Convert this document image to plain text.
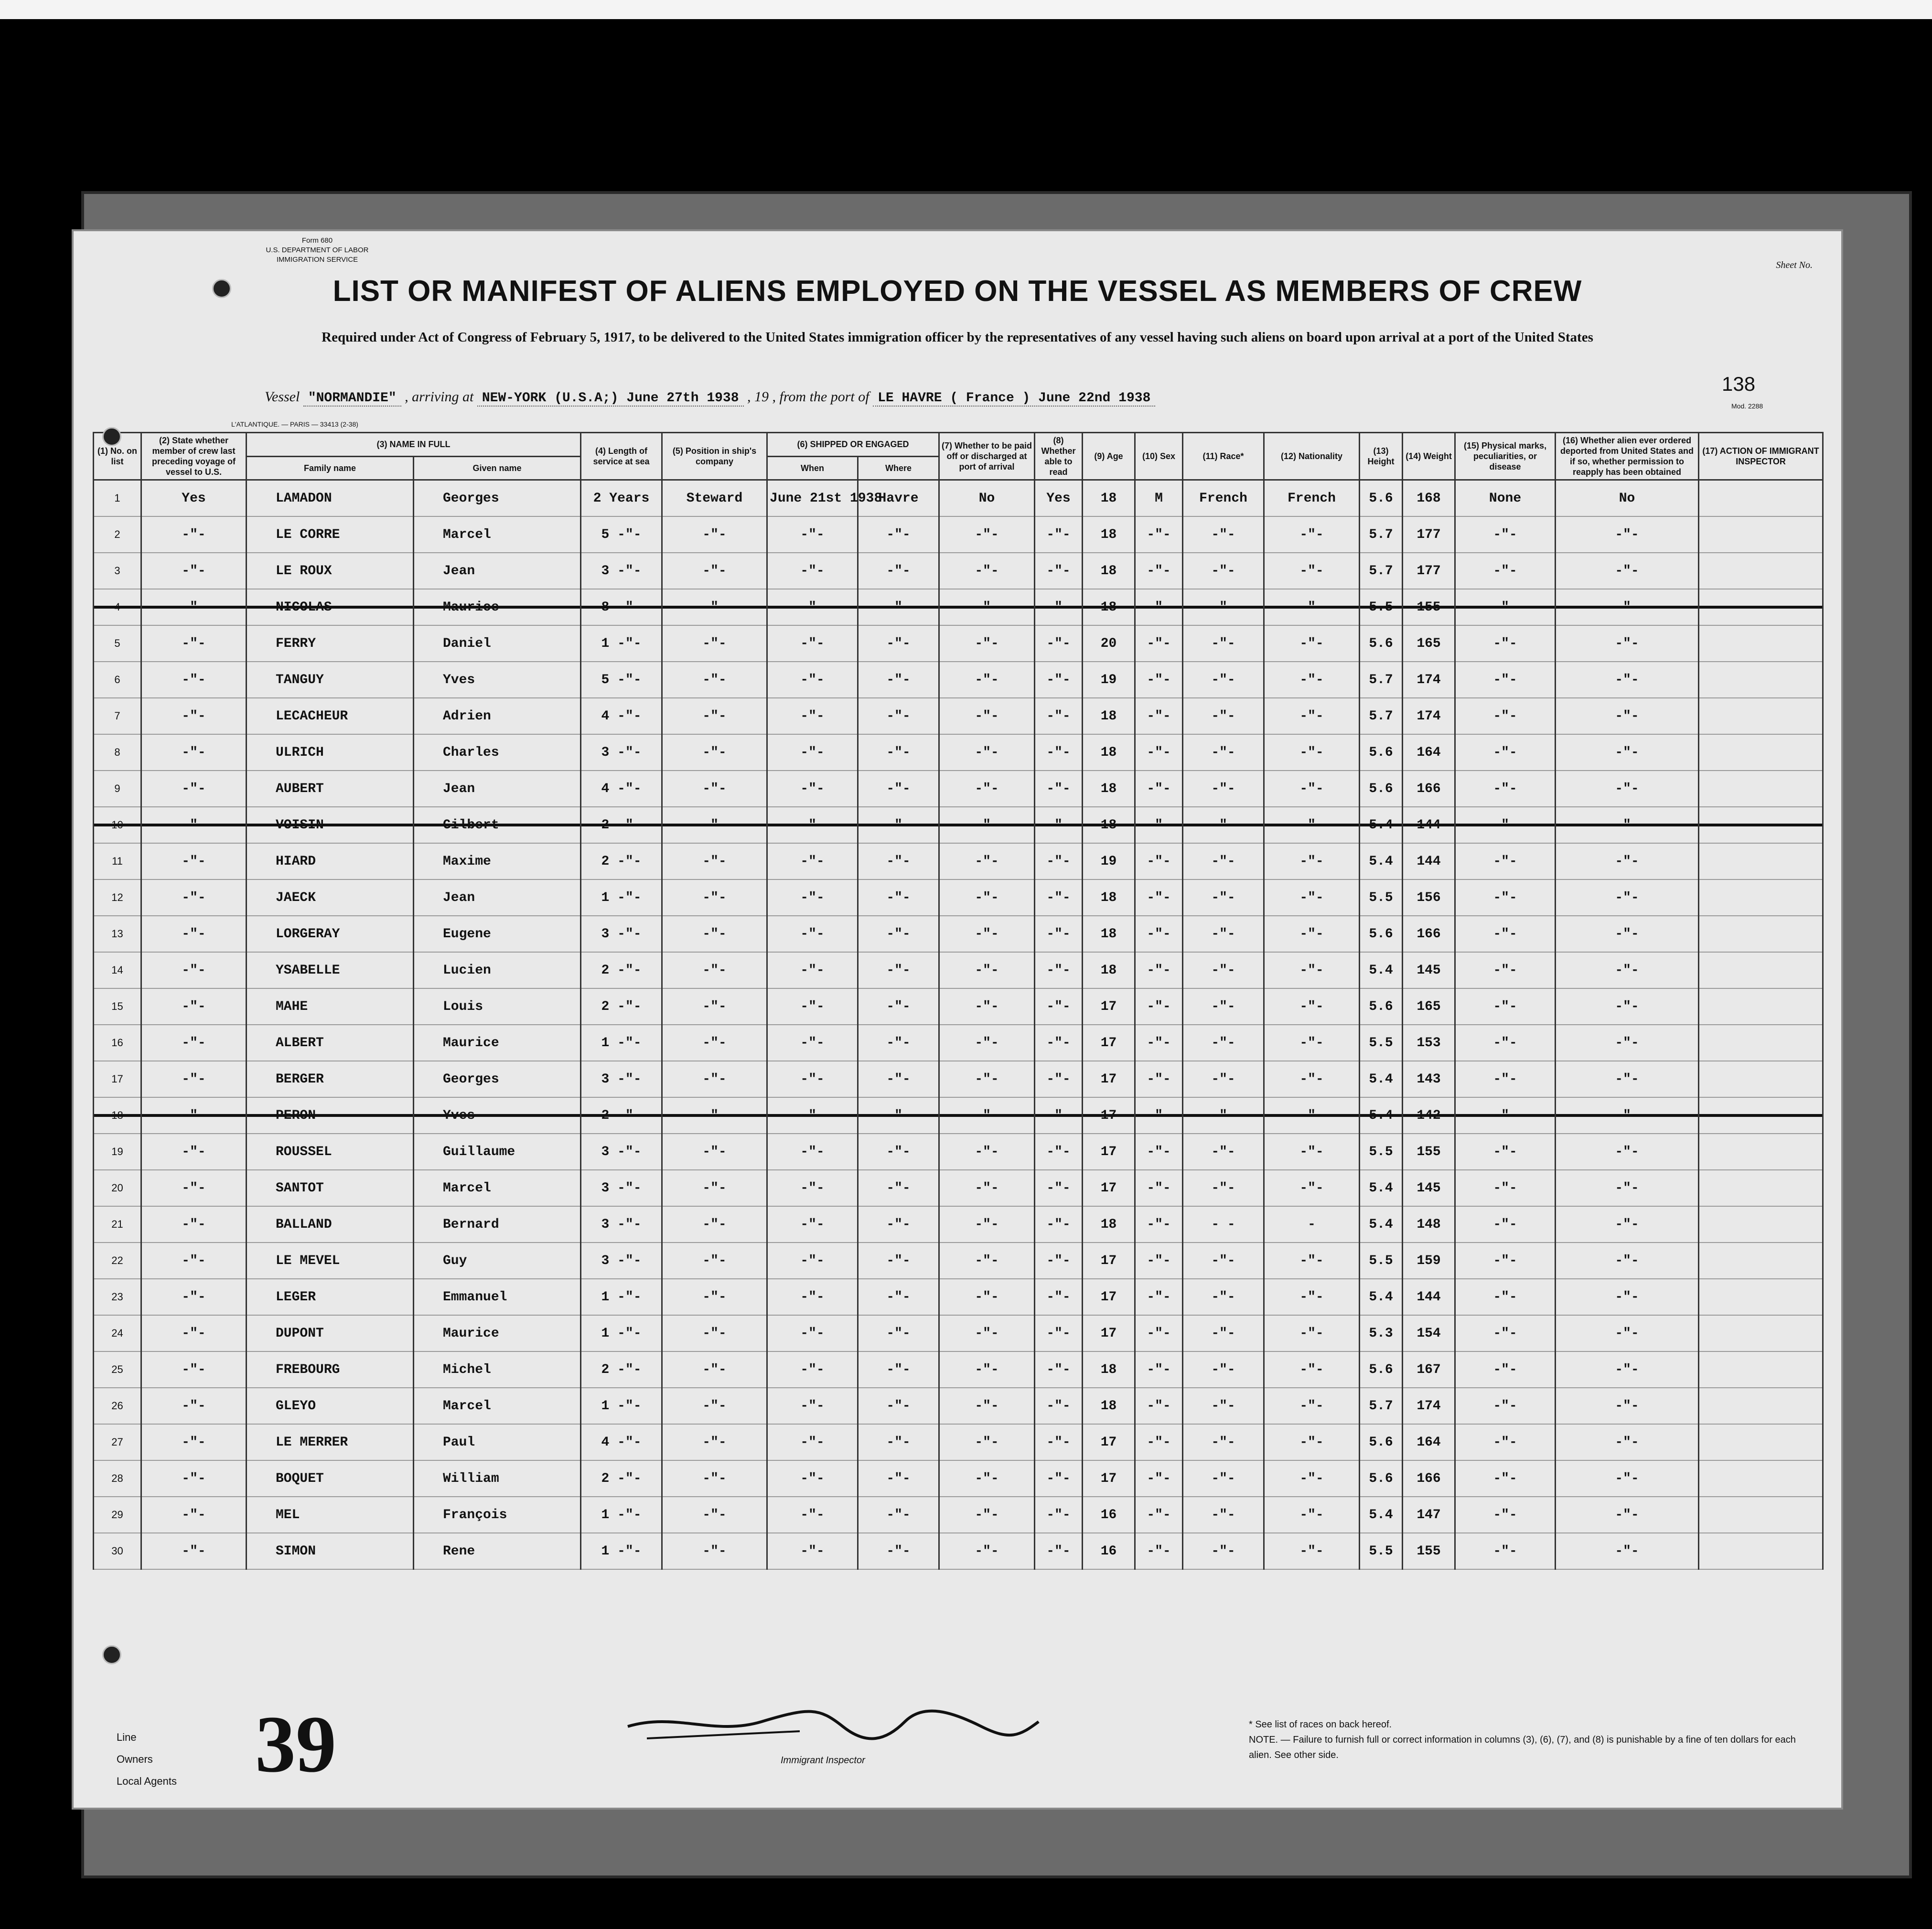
Form 680
U.S. DEPARTMENT OF LABOR
IMMIGRATION SERVICE
Sheet No.
LIST OR MANIFEST OF ALIENS EMPLOYED ON THE VESSEL AS MEMBERS OF CREW
Required under Act of Congress of February 5, 1917, to be delivered to the United States immigration officer by the representatives of any vessel having such aliens on board upon arrival at a port of the United States
Vessel "NORMANDIE" , arriving at NEW-YORK (U.S.A;) June 27th 1938 , 19 , from the port of LE HAVRE ( France ) June 22nd 1938
138
Mod. 2288
L'ATLANTIQUE. — PARIS — 33413 (2-38)
(1) No. on list	(2) State whether member of crew last preceding voyage of vessel to U.S.	(3) NAME IN FULL		(4) Length of service at sea	(5) Position in ship's company	(6) SHIPPED OR ENGAGED		(7) Whether to be paid off or discharged at port of arrival	(8) Whether able to read	(9) Age	(10) Sex	(11) Race*	(12) Nationality	(13) Height	(14) Weight	(15) Physical marks, peculiarities, or disease	(16) Whether alien ever ordered deported from United States and if so, whether permission to reapply has been obtained	(17) ACTION OF IMMIGRANT INSPECTOR
		Family name	Given name			When	Where											
1	Yes	LAMADON	Georges	2 Years	Steward	June 21st 1938	Havre	No	Yes	18	M	French	French	5.6	168	None	No	
2	-"-	LE CORRE	Marcel	5 -"-	-"-	-"-	-"-	-"-	-"-	18	-"-	-"-	-"-	5.7	177	-"-	-"-	
3	-"-	LE ROUX	Jean	3 -"-	-"-	-"-	-"-	-"-	-"-	18	-"-	-"-	-"-	5.7	177	-"-	-"-	
4	-"-	NICOLAS	Maurice	8 -"-	-"-	-"-	-"-	-"-	-"-	18	-"-	-"-	-"-	5.5	155	-"-	-"-	
5	-"-	FERRY	Daniel	1 -"-	-"-	-"-	-"-	-"-	-"-	20	-"-	-"-	-"-	5.6	165	-"-	-"-	
6	-"-	TANGUY	Yves	5 -"-	-"-	-"-	-"-	-"-	-"-	19	-"-	-"-	-"-	5.7	174	-"-	-"-	
7	-"-	LECACHEUR	Adrien	4 -"-	-"-	-"-	-"-	-"-	-"-	18	-"-	-"-	-"-	5.7	174	-"-	-"-	
8	-"-	ULRICH	Charles	3 -"-	-"-	-"-	-"-	-"-	-"-	18	-"-	-"-	-"-	5.6	164	-"-	-"-	
9	-"-	AUBERT	Jean	4 -"-	-"-	-"-	-"-	-"-	-"-	18	-"-	-"-	-"-	5.6	166	-"-	-"-	
10	-"-	VOISIN	Gilbert	2 -"-	-"-	-"-	-"-	-"-	-"-	18	-"-	-"-	-"-	5.4	144	-"-	-"-	
11	-"-	HIARD	Maxime	2 -"-	-"-	-"-	-"-	-"-	-"-	19	-"-	-"-	-"-	5.4	144	-"-	-"-	
12	-"-	JAECK	Jean	1 -"-	-"-	-"-	-"-	-"-	-"-	18	-"-	-"-	-"-	5.5	156	-"-	-"-	
13	-"-	LORGERAY	Eugene	3 -"-	-"-	-"-	-"-	-"-	-"-	18	-"-	-"-	-"-	5.6	166	-"-	-"-	
14	-"-	YSABELLE	Lucien	2 -"-	-"-	-"-	-"-	-"-	-"-	18	-"-	-"-	-"-	5.4	145	-"-	-"-	
15	-"-	MAHE	Louis	2 -"-	-"-	-"-	-"-	-"-	-"-	17	-"-	-"-	-"-	5.6	165	-"-	-"-	
16	-"-	ALBERT	Maurice	1 -"-	-"-	-"-	-"-	-"-	-"-	17	-"-	-"-	-"-	5.5	153	-"-	-"-	
17	-"-	BERGER	Georges	3 -"-	-"-	-"-	-"-	-"-	-"-	17	-"-	-"-	-"-	5.4	143	-"-	-"-	
18	-"-	PERON	Yves	2 -"-	-"-	-"-	-"-	-"-	-"-	17	-"-	-"-	-"-	5.4	142	-"-	-"-	
19	-"-	ROUSSEL	Guillaume	3 -"-	-"-	-"-	-"-	-"-	-"-	17	-"-	-"-	-"-	5.5	155	-"-	-"-	
20	-"-	SANTOT	Marcel	3 -"-	-"-	-"-	-"-	-"-	-"-	17	-"-	-"-	-"-	5.4	145	-"-	-"-	
21	-"-	BALLAND	Bernard	3 -"-	-"-	-"-	-"-	-"-	-"-	18	-"-	- -	-	5.4	148	-"-	-"-	
22	-"-	LE MEVEL	Guy	3 -"-	-"-	-"-	-"-	-"-	-"-	17	-"-	-"-	-"-	5.5	159	-"-	-"-	
23	-"-	LEGER	Emmanuel	1 -"-	-"-	-"-	-"-	-"-	-"-	17	-"-	-"-	-"-	5.4	144	-"-	-"-	
24	-"-	DUPONT	Maurice	1 -"-	-"-	-"-	-"-	-"-	-"-	17	-"-	-"-	-"-	5.3	154	-"-	-"-	
25	-"-	FREBOURG	Michel	2 -"-	-"-	-"-	-"-	-"-	-"-	18	-"-	-"-	-"-	5.6	167	-"-	-"-	
26	-"-	GLEYO	Marcel	1 -"-	-"-	-"-	-"-	-"-	-"-	18	-"-	-"-	-"-	5.7	174	-"-	-"-	
27	-"-	LE MERRER	Paul	4 -"-	-"-	-"-	-"-	-"-	-"-	17	-"-	-"-	-"-	5.6	164	-"-	-"-	
28	-"-	BOQUET	William	2 -"-	-"-	-"-	-"-	-"-	-"-	17	-"-	-"-	-"-	5.6	166	-"-	-"-	
29	-"-	MEL	François	1 -"-	-"-	-"-	-"-	-"-	-"-	16	-"-	-"-	-"-	5.4	147	-"-	-"-	
30	-"-	SIMON	Rene	1 -"-	-"-	-"-	-"-	-"-	-"-	16	-"-	-"-	-"-	5.5	155	-"-	-"-	
Line
Owners
Local Agents 39	Immigrant Inspector
* See list of races on back hereof.
NOTE. — Failure to furnish full or correct information in columns (3), (6), (7), and (8) is punishable by a fine of ten dollars for each alien. See other side.
